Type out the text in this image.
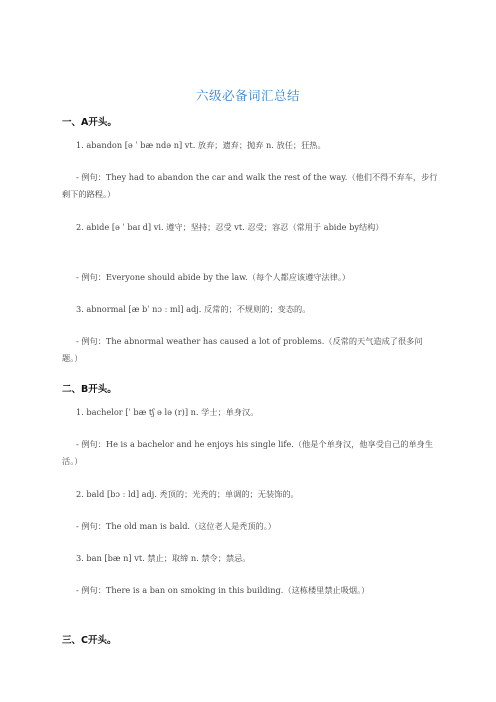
六级必备词汇总结
一、A开头。
1. abandon [ə ˈ bæ ndə n] vt. 放弃；遗弃；抛弃 n. 放任；狂热。
- 例句：They had to abandon the car and walk the rest of the way.（他们不得不弃车，步行剩下的路程。）
2. abide [ə ˈ baɪ d] vi. 遵守；坚持；忍受 vt. 忍受；容忍（常用于 abide by结构）
- 例句：Everyone should abide by the law.（每个人都应该遵守法律。）
3. abnormal [æ bˈ nɔ ː ml] adj. 反常的；不规则的；变态的。
- 例句：The abnormal weather has caused a lot of problems.（反常的天气造成了很多问题。）
二、B开头。
1. bachelor [ˈ bæ tʃ ə lə (r)] n. 学士；单身汉。
- 例句：He is a bachelor and he enjoys his single life.（他是个单身汉，他享受自己的单身生活。）
2. bald [bɔ ː ld] adj. 秃顶的；光秃的；单调的；无装饰的。
- 例句：The old man is bald.（这位老人是秃顶的。）
3. ban [bæ n] vt. 禁止；取缔 n. 禁令；禁忌。
- 例句：There is a ban on smoking in this building.（这栋楼里禁止吸烟。）
三、C开头。
